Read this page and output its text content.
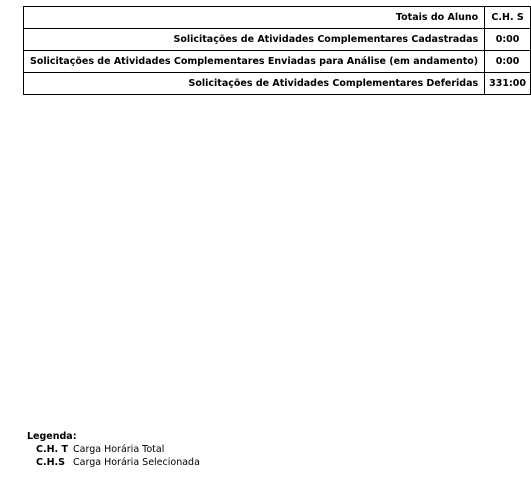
Totais do Aluno	C.H. S
Solicitações de Atividades Complementares Cadastradas	0:00
Solicitações de Atividades Complementares Enviadas para Análise (em andamento)	0:00
Solicitações de Atividades Complementares Deferidas	331:00
Legenda:
C.H. T Carga Horária Total
C.H.S Carga Horária Selecionada
